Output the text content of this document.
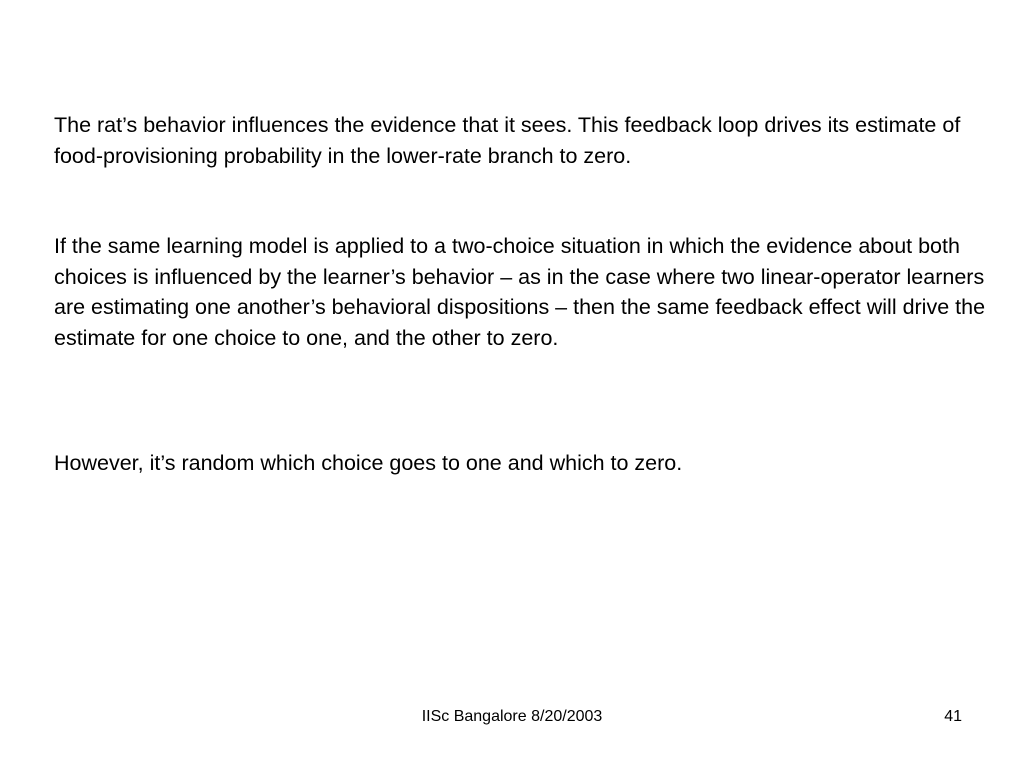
The rat’s behavior influences the evidence that it sees. This feedback loop drives its estimate of food-provisioning probability in the lower-rate branch to zero.

If the same learning model is applied to a two-choice situation in which the evidence about both choices is influenced by the learner’s behavior – as in the case where two linear-operator learners are estimating one another’s behavioral dispositions – then the same feedback effect will drive the estimate for one choice to one, and the other to zero.

However, it’s random which choice goes to one and which to zero.

IISc Bangalore 8/20/2003	41
